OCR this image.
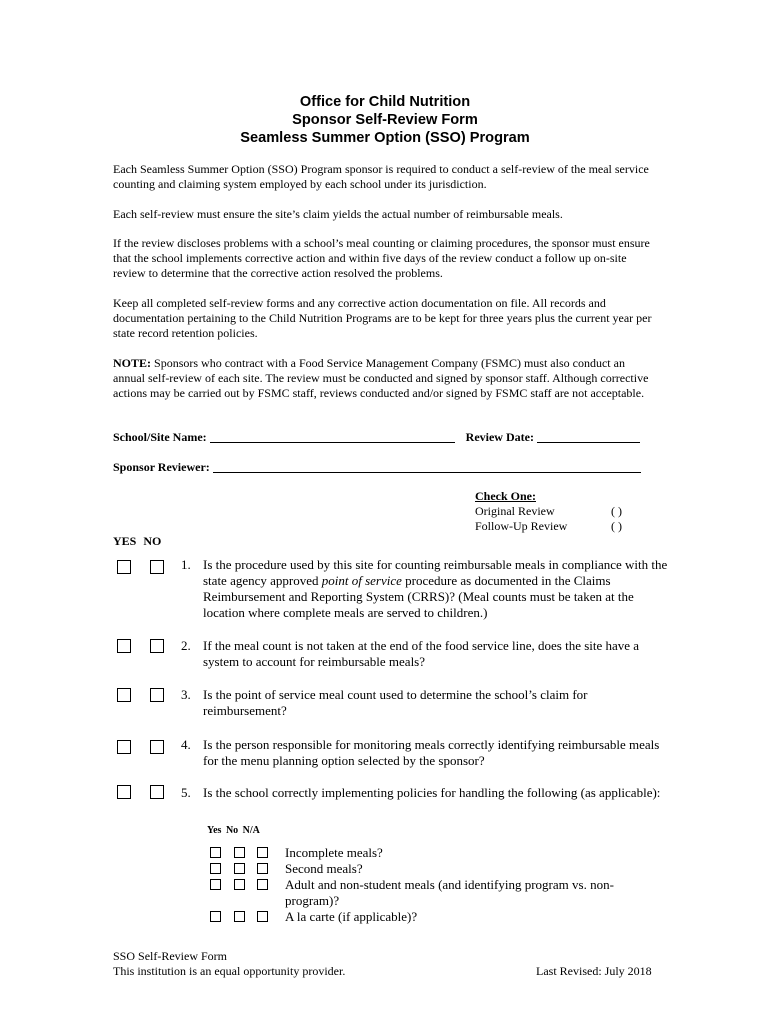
Office for Child Nutrition
Sponsor Self-Review Form
Seamless Summer Option (SSO) Program

Each Seamless Summer Option (SSO) Program sponsor is required to conduct a self-review of the meal service counting and claiming system employed by each school under its jurisdiction.

Each self-review must ensure the site’s claim yields the actual number of reimbursable meals.

If the review discloses problems with a school’s meal counting or claiming procedures, the sponsor must ensure that the school implements corrective action and within five days of the review conduct a follow up on-site review to determine that the corrective action resolved the problems.

Keep all completed self-review forms and any corrective action documentation on file. All records and documentation pertaining to the Child Nutrition Programs are to be kept for three years plus the current year per state record retention policies.

NOTE: Sponsors who contract with a Food Service Management Company (FSMC) must also conduct an annual self-review of each site. The review must be conducted and signed by sponsor staff. Although corrective actions may be carried out by FSMC staff, reviews conducted and/or signed by FSMC staff are not acceptable.

School/Site Name:	Review Date:
Sponsor Reviewer:
Check One:
Original Review	( )
Follow-Up Review	( )
YES NO
1. Is the procedure used by this site for counting reimbursable meals in compliance with the state agency approved point of service procedure as documented in the Claims Reimbursement and Reporting System (CRRS)? (Meal counts must be taken at the location where complete meals are served to children.)

2. If the meal count is not taken at the end of the food service line, does the site have a system to account for reimbursable meals?

3. Is the point of service meal count used to determine the school’s claim for reimbursement?

4. Is the person responsible for monitoring meals correctly identifying reimbursable meals for the menu planning option selected by the sponsor?

5. Is the school correctly implementing policies for handling the following (as applicable):

Yes No N/A

Incomplete meals?

Second meals?

Adult and non-student meals (and identifying program vs. non-program)?

A la carte (if applicable)?

SSO Self-Review Form
This institution is an equal opportunity provider.	Last Revised: July 2018
